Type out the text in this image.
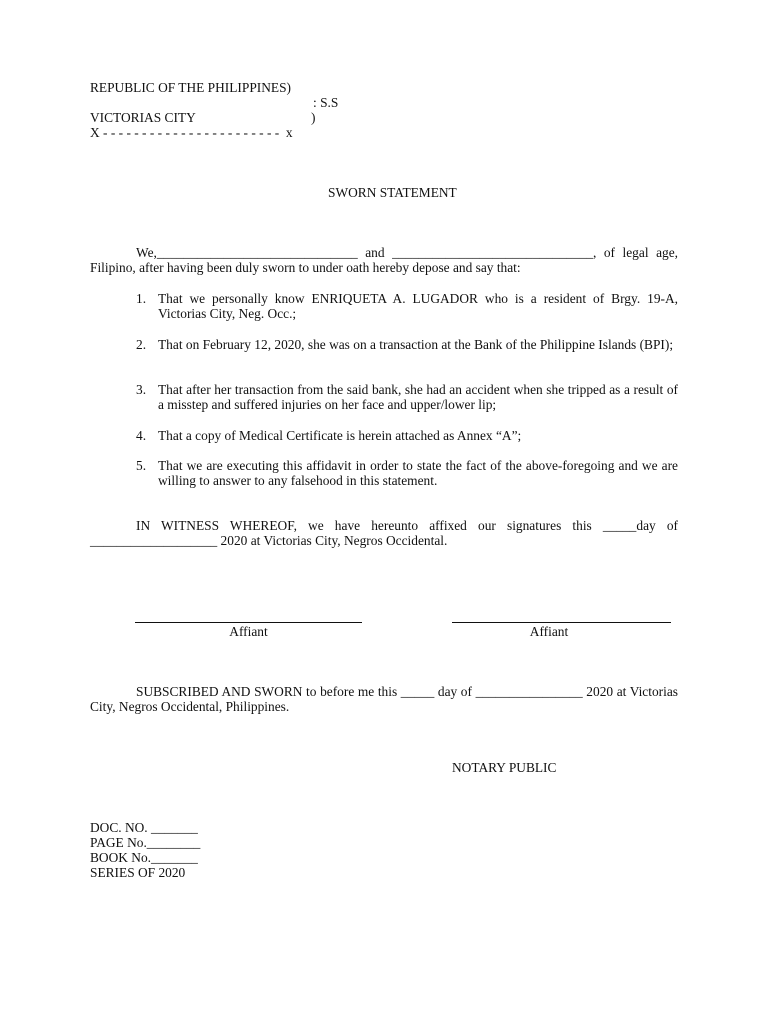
REPUBLIC OF THE PHILIPPINES)
: S.S
VICTORIAS CITY	)
X - - - - - - - - - - - - - - - - - - - - - - -  x
SWORN STATEMENT
We,______________________________ and ______________________________, of legal age, Filipino, after having been duly sworn to under oath hereby depose and say that:
1. That we personally know ENRIQUETA A. LUGADOR who is a resident of Brgy. 19-A, Victorias City, Neg. Occ.;
2. That on February 12, 2020, she was on a transaction at the Bank of the Philippine Islands (BPI);
3. That after her transaction from the said bank, she had an accident when she tripped as a result of a misstep and suffered injuries on her face and upper/lower lip;
4. That a copy of Medical Certificate is herein attached as Annex “A”;
5. That we are executing this affidavit in order to state the fact of the above-foregoing and we are willing to answer to any falsehood in this statement.
IN WITNESS WHEREOF, we have hereunto affixed our signatures this _____day of ___________________ 2020 at Victorias City, Negros Occidental.
Affiant	Affiant
SUBSCRIBED AND SWORN to before me this _____ day of ________________ 2020 at Victorias City, Negros Occidental, Philippines.
NOTARY PUBLIC
DOC. NO. _______
PAGE No.________
BOOK No._______
SERIES OF 2020
